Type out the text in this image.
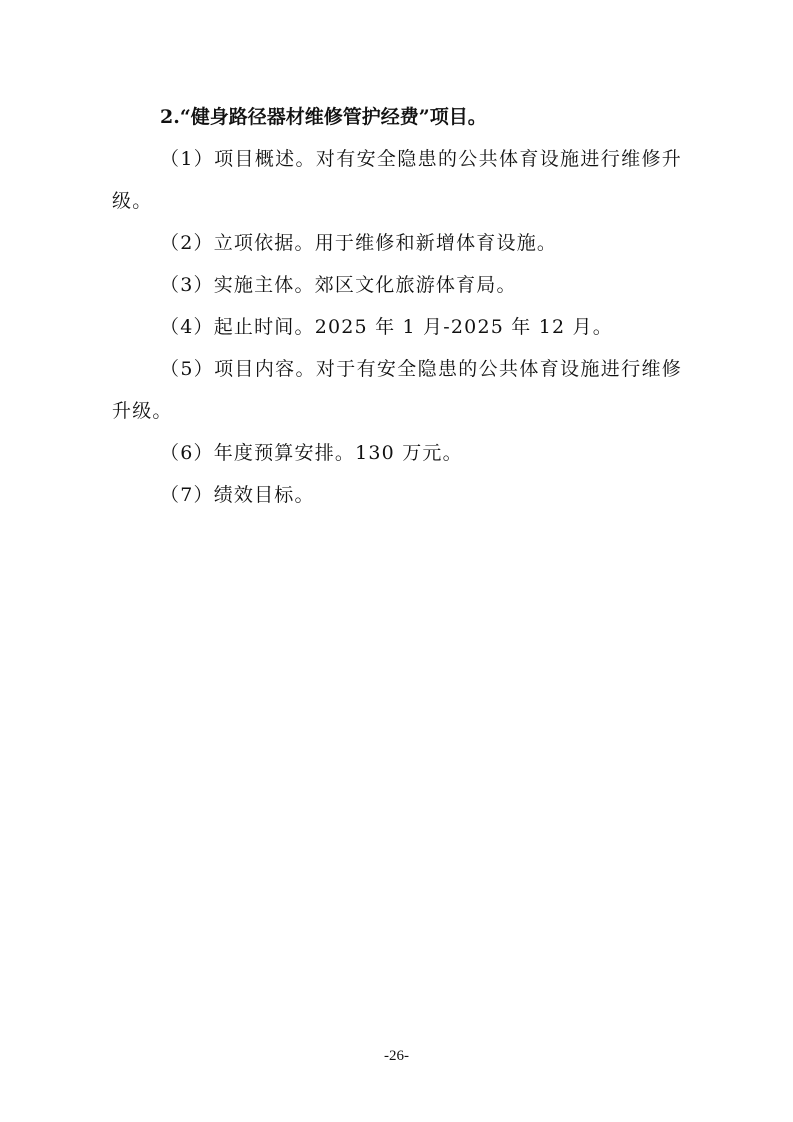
2.“健身路径器材维修管护经费”项目。

（1）项目概述。对有安全隐患的公共体育设施进行维修升级。

（2）立项依据。用于维修和新增体育设施。

（3）实施主体。郊区文化旅游体育局。

（4）起止时间。2025 年 1 月-2025 年 12 月。

（5）项目内容。对于有安全隐患的公共体育设施进行维修升级。

（6）年度预算安排。130 万元。

（7）绩效目标。

-26-
